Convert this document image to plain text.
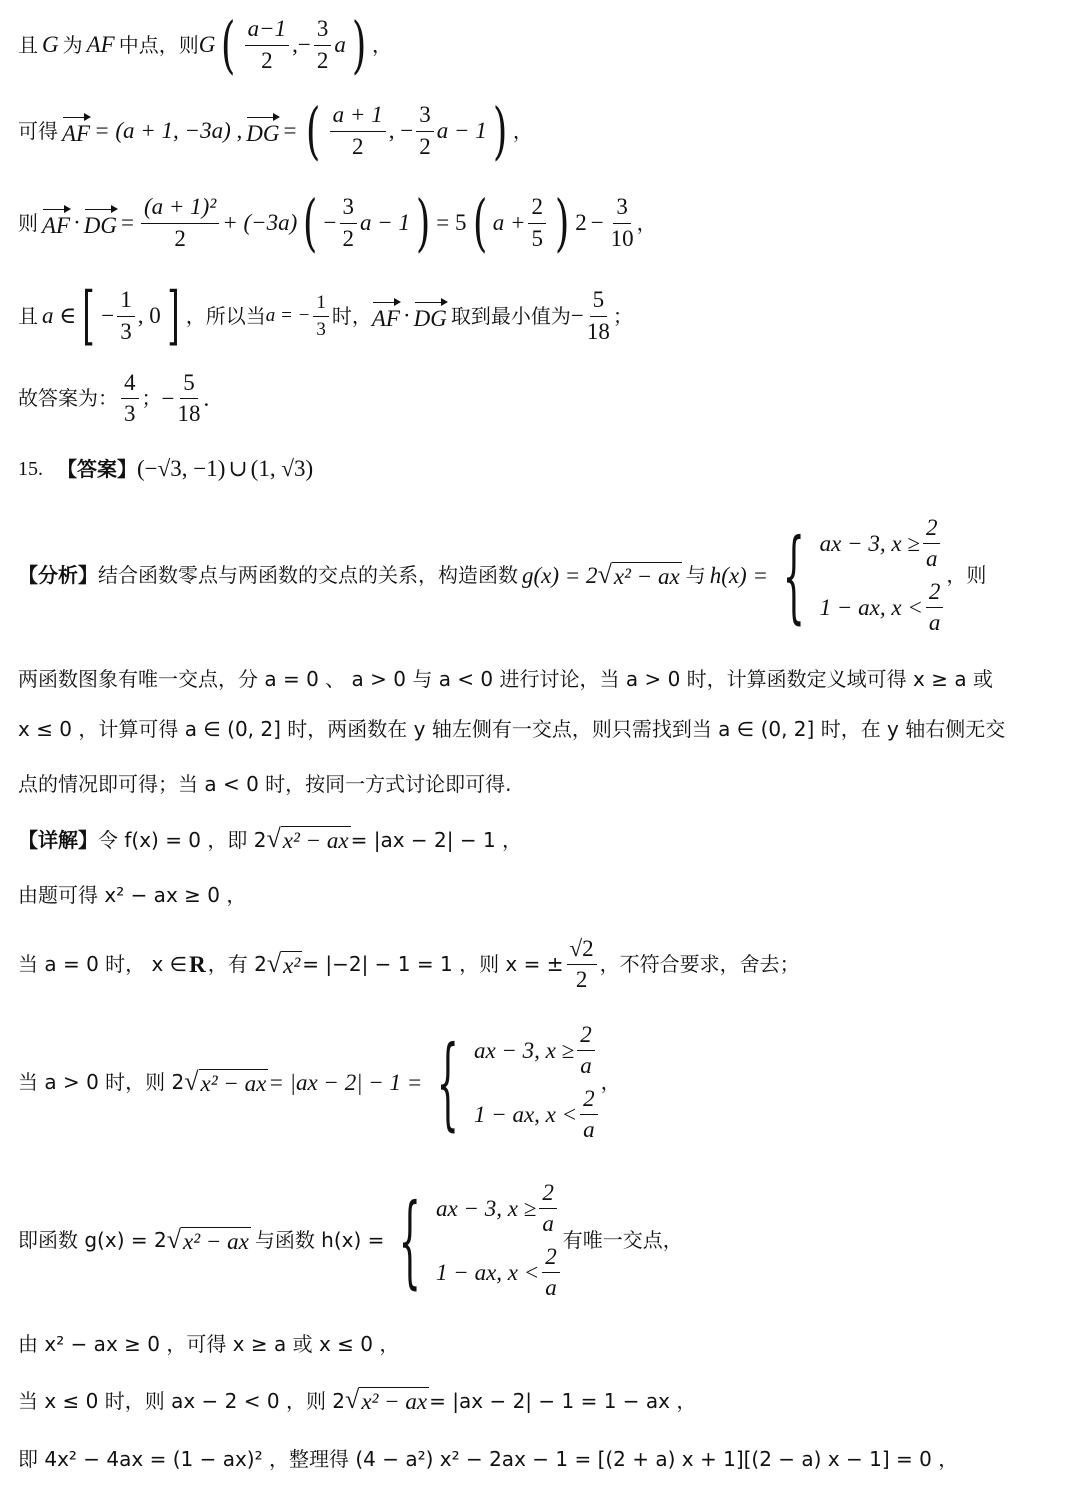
且 G 为 AF 中点，则 G ( $\frac{a-1}{2}$ ,− $\frac{3}{2}$ a ) ，
可得 AF = (a + 1, −3a) , DG = ( $\frac{a + 1}{2}$ , − $\frac{3}{2}$ a − 1 ) ，
则 AF · DG = $\frac{\text{(a + 1)²}}{2} + (-3a)$ ( − $\frac{3}{2}$ a − 1 ) = 5 ( $a + \frac{2}{5}$ ) $2 - \frac{3}{10}$ ，
且 a ∈ [ − $\frac{1}{3}$ , 0 ] ，所以当 a = − $\frac{1}{3}$ 时， AF · DG 取到最小值为 − $\frac{5}{18}$ ；
故答案为： $\frac{4}{3}$ ； − $\frac{5}{18}$ .
15. 【答案】 (−√3, −1) ∪ (1, √3)
【分析】 结合函数零点与两函数的交点的关系，构造函数 g(x) = 2 √ x² − ax 与 h(x) = { ax − 3, $x \ge \frac{2}{a}$
1 − ax, $x < \frac{2}{a}$
，则
两函数图象有唯一交点，分 a = 0 、 a > 0 与 a < 0 进行讨论，当 a > 0 时，计算函数定义域可得 x ≥ a 或
x ≤ 0 ，计算可得 a ∈ (0, 2] 时，两函数在 y 轴左侧有一交点，则只需找到当 a ∈ (0, 2] 时，在 y 轴右侧无交
点的情况即可得；当 a < 0 时，按同一方式讨论即可得.
【详解】 令 f(x) = 0 ，即 2 √ x² − ax = |ax − 2| − 1 ，
由题可得 x² − ax ≥ 0 ，
当 a = 0 时， x ∈ R ，有 2 √ x² = |−2| − 1 = 1 ，则 x = ± $\frac{√2}{2}$ ，不符合要求，舍去；
当 a > 0 时，则 2 √ x² − ax = |ax − 2| − 1 = { ax − 3, $x \ge \frac{2}{a}$
1 − ax, $x < \frac{2}{a}$
，
即函数 g(x) = 2 √ x² − ax 与函数 h(x) = { ax − 3, $x \ge \frac{2}{a}$
1 − ax, $x < \frac{2}{a}$
有唯一交点，
由 x² − ax ≥ 0 ，可得 x ≥ a 或 x ≤ 0 ，
当 x ≤ 0 时，则 ax − 2 < 0 ，则 2 √ x² − ax = |ax − 2| − 1 = 1 − ax ，
即 4x² − 4ax = (1 − ax)² ，整理得 (4 − a²) x² − 2ax − 1 = [(2 + a) x + 1][(2 − a) x − 1] = 0 ，
